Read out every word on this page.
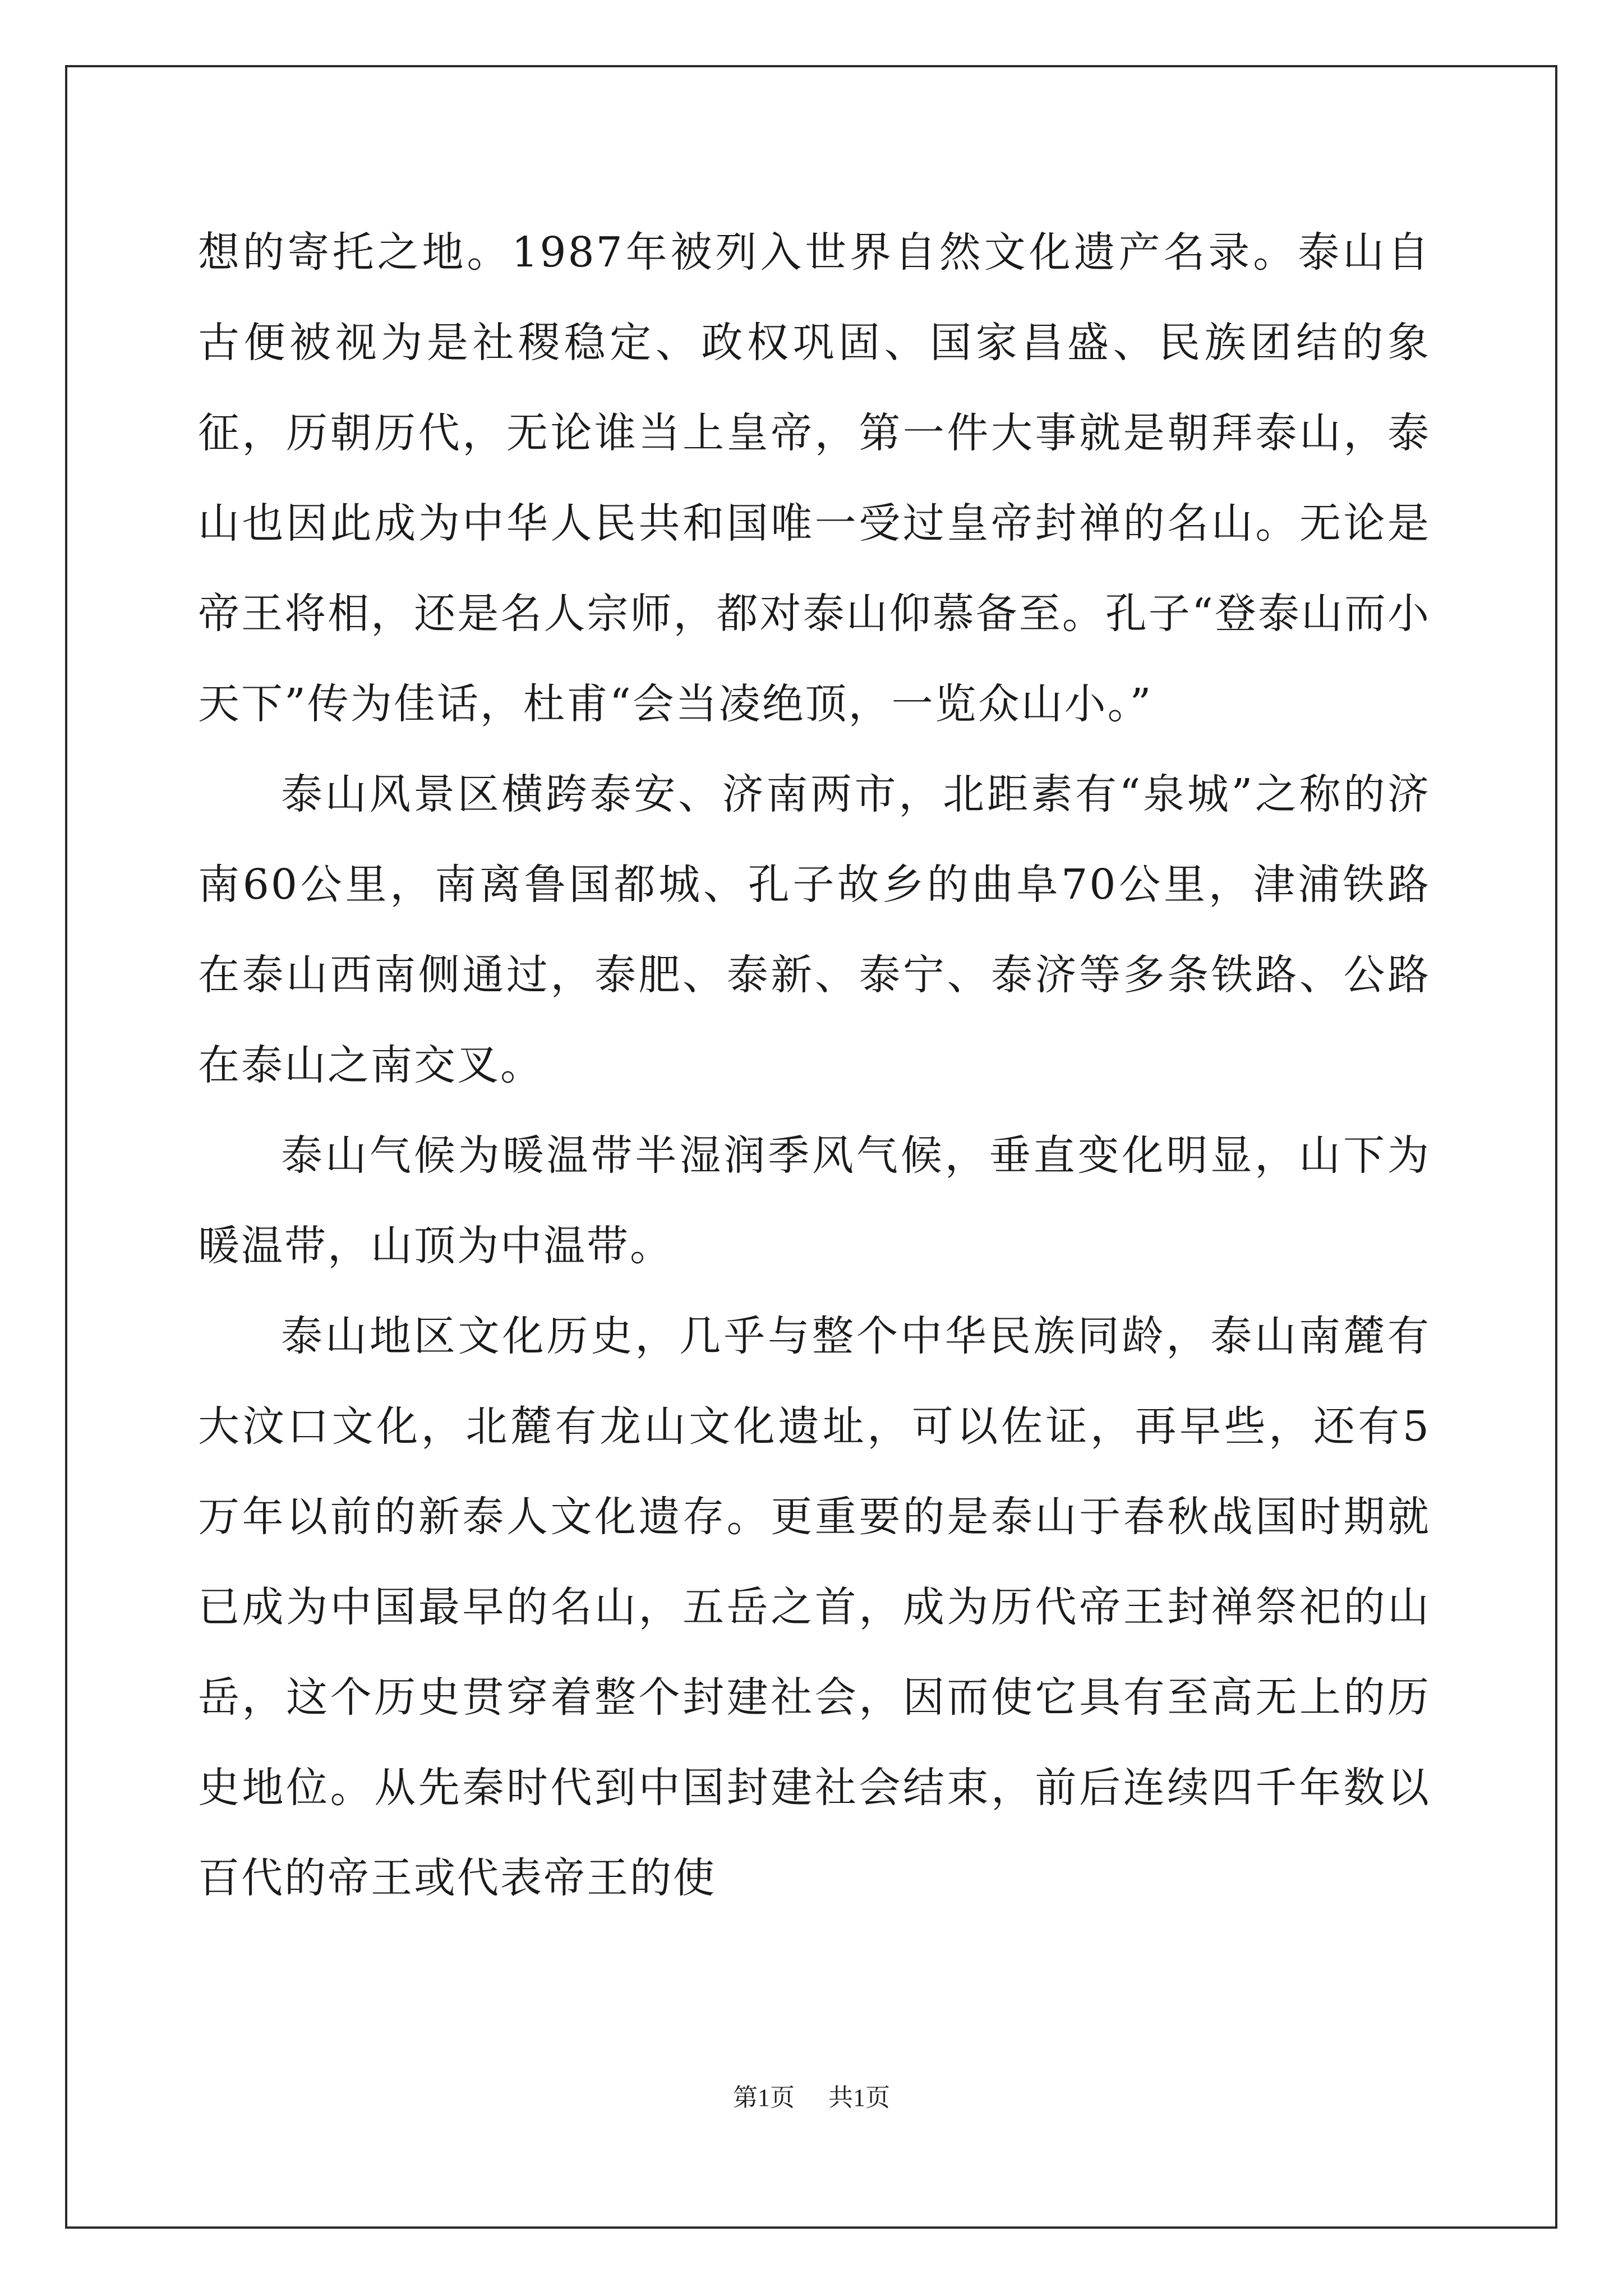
想的寄托之地。1987年被列入世界自然文化遗产名录。泰山自古便被视为是社稷稳定、政权巩固、国家昌盛、民族团结的象征，历朝历代，无论谁当上皇帝，第一件大事就是朝拜泰山，泰山也因此成为中华人民共和国唯一受过皇帝封禅的名山。无论是帝王将相，还是名人宗师，都对泰山仰慕备至。孔子“登泰山而小天下”传为佳话，杜甫“会当凌绝顶，一览众山小。”

泰山风景区横跨泰安、济南两市，北距素有“泉城”之称的济南60公里，南离鲁国都城、孔子故乡的曲阜70公里，津浦铁路在泰山西南侧通过，泰肥、泰新、泰宁、泰济等多条铁路、公路在泰山之南交叉。

泰山气候为暖温带半湿润季风气候，垂直变化明显，山下为暖温带，山顶为中温带。

泰山地区文化历史，几乎与整个中华民族同龄，泰山南麓有大汶口文化，北麓有龙山文化遗址，可以佐证，再早些，还有5万年以前的新泰人文化遗存。更重要的是泰山于春秋战国时期就已成为中国最早的名山，五岳之首，成为历代帝王封禅祭祀的山岳，这个历史贯穿着整个封建社会，因而使它具有至高无上的历史地位。从先秦时代到中国封建社会结束，前后连续四千年数以百代的帝王或代表帝王的使

第1页 共1页
